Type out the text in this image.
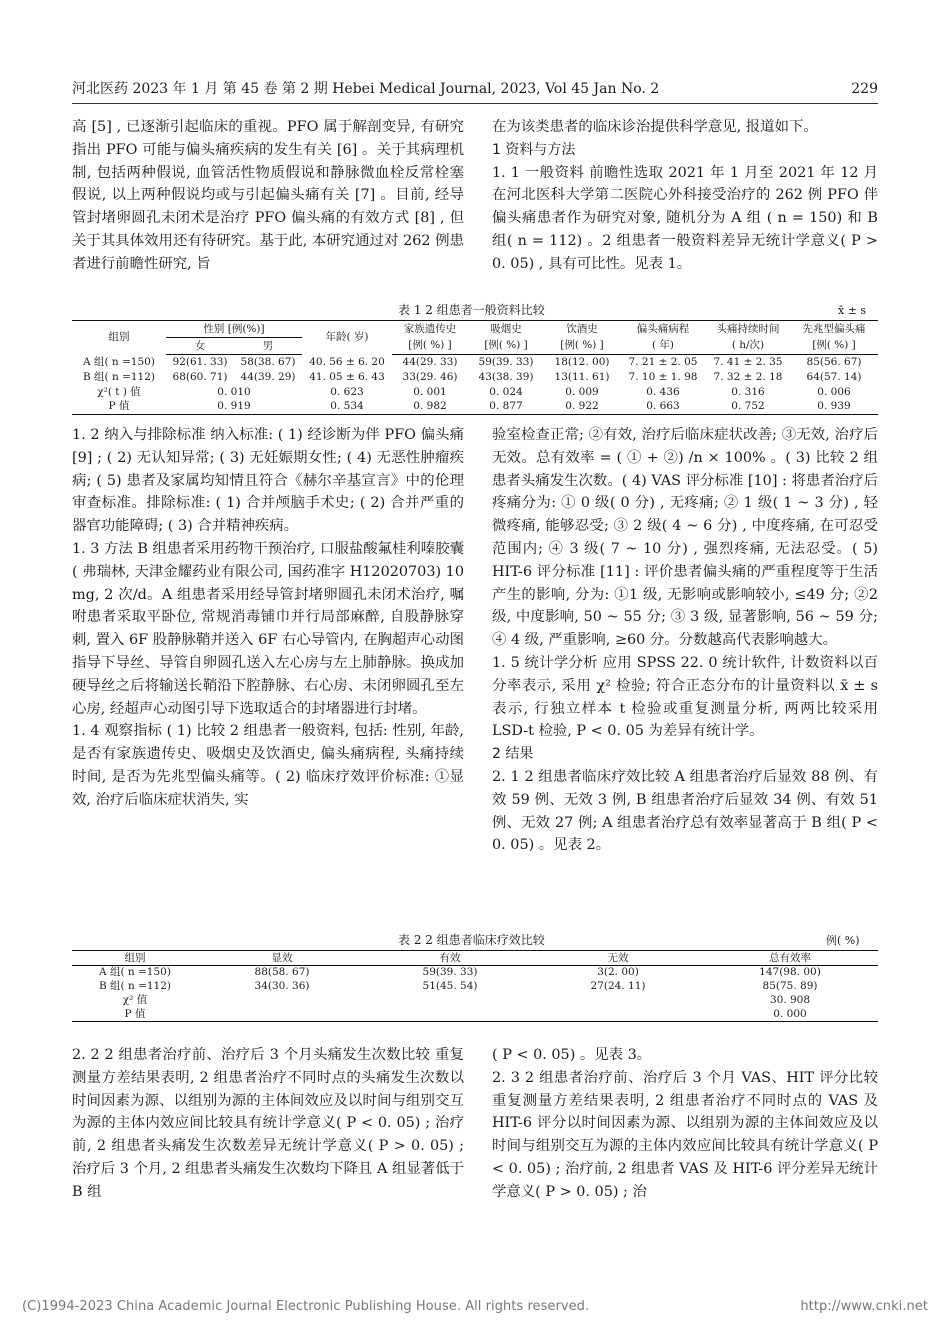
河北医药 2023 年 1 月 第 45 卷 第 2 期 Hebei Medical Journal, 2023, Vol 45 Jan No. 2	229

高 [5] , 已逐渐引起临床的重视。PFO 属于解剖变异, 有研究指出 PFO 可能与偏头痛疾病的发生有关 [6] 。关于其病理机制, 包括两种假说, 血管活性物质假说和静脉微血栓反常栓塞假说, 以上两种假说均或与引起偏头痛有关 [7] 。目前, 经导管封堵卵圆孔未闭术是治疗 PFO 偏头痛的有效方式 [8] , 但关于其具体效用还有待研究。基于此, 本研究通过对 262 例患者进行前瞻性研究, 旨

在为该类患者的临床诊治提供科学意见, 报道如下。

1 资料与方法

1. 1 一般资料 前瞻性选取 2021 年 1 月至 2021 年 12 月在河北医科大学第二医院心外科接受治疗的 262 例 PFO 伴偏头痛患者作为研究对象, 随机分为 A 组 ( n = 150) 和 B 组( n = 112) 。2 组患者一般资料差异无统计学意义( P > 0. 05) , 具有可比性。见表 1。

表 1 2 组患者一般资料比较	x̄ ± s
组别	性别 [例(%)]		年龄( 岁)	家族遗传史	吸烟史	饮酒史	偏头痛病程	头痛持续时间	先兆型偏头痛
	女	男		[例( %) ]	[例( %) ]	[例( %) ]	( 年)	( h/次)	[例( %) ]
A 组( n =150)	92(61. 33)	58(38. 67)	40. 56 ± 6. 20	44(29. 33)	59(39. 33)	18(12. 00)	7. 21 ± 2. 05	7. 41 ± 2. 35	85(56. 67)
B 组( n =112)	68(60. 71)	44(39. 29)	41. 05 ± 6. 43	33(29. 46)	43(38. 39)	13(11. 61)	7. 10 ± 1. 98	7. 32 ± 2. 18	64(57. 14)
χ²( t ) 值	0. 010		0. 623	0. 001	0. 024	0. 009	0. 436	0. 316	0. 006
P 值	0. 919		0. 534	0. 982	0. 877	0. 922	0. 663	0. 752	0. 939

1. 2 纳入与排除标准 纳入标准: ( 1) 经诊断为伴 PFO 偏头痛 [9] ; ( 2) 无认知异常; ( 3) 无妊娠期女性; ( 4) 无恶性肿瘤疾病; ( 5) 患者及家属均知情且符合《赫尔辛基宣言》中的伦理审查标准。排除标准: ( 1) 合并颅脑手术史; ( 2) 合并严重的器官功能障碍; ( 3) 合并精神疾病。

1. 3 方法 B 组患者采用药物干预治疗, 口服盐酸氟桂利嗪胶囊( 弗瑞林, 天津金耀药业有限公司, 国药准字 H12020703) 10 mg, 2 次/d。A 组患者采用经导管封堵卵圆孔未闭术治疗, 嘱咐患者采取平卧位, 常规消毒铺巾并行局部麻醉, 自股静脉穿刺, 置入 6F 股静脉鞘并送入 6F 右心导管内, 在胸超声心动图指导下导丝、导管自卵圆孔送入左心房与左上肺静脉。换成加硬导丝之后将输送长鞘沿下腔静脉、右心房、未闭卵圆孔至左心房, 经超声心动图引导下选取适合的封堵器进行封堵。

1. 4 观察指标 ( 1) 比较 2 组患者一般资料, 包括: 性别, 年龄, 是否有家族遗传史、吸烟史及饮酒史, 偏头痛病程, 头痛持续时间, 是否为先兆型偏头痛等。( 2) 临床疗效评价标准: ①显效, 治疗后临床症状消失, 实

验室检查正常; ②有效, 治疗后临床症状改善; ③无效, 治疗后无效。总有效率 = ( ① + ②) /n × 100% 。( 3) 比较 2 组患者头痛发生次数。( 4) VAS 评分标准 [10] : 将患者治疗后疼痛分为: ① 0 级( 0 分) , 无疼痛; ② 1 级( 1 ~ 3 分) , 轻微疼痛, 能够忍受; ③ 2 级( 4 ~ 6 分) , 中度疼痛, 在可忍受范围内; ④ 3 级( 7 ~ 10 分) , 强烈疼痛, 无法忍受。( 5) HIT-6 评分标准 [11] : 评价患者偏头痛的严重程度等于生活产生的影响, 分为: ①1 级, 无影响或影响较小, ≤49 分; ②2 级, 中度影响, 50 ~ 55 分; ③ 3 级, 显著影响, 56 ~ 59 分; ④ 4 级, 严重影响, ≥60 分。分数越高代表影响越大。

1. 5 统计学分析 应用 SPSS 22. 0 统计软件, 计数资料以百分率表示, 采用 χ² 检验; 符合正态分布的计量资料以 x̄ ± s 表示, 行独立样本 t 检验或重复测量分析, 两两比较采用 LSD-t 检验, P < 0. 05 为差异有统计学。

2 结果

2. 1 2 组患者临床疗效比较 A 组患者治疗后显效 88 例、有效 59 例、无效 3 例, B 组患者治疗后显效 34 例、有效 51 例、无效 27 例; A 组患者治疗总有效率显著高于 B 组( P < 0. 05) 。见表 2。

表 2 2 组患者临床疗效比较	例( %)
组别	显效	有效	无效	总有效率
A 组( n =150)	88(58. 67)	59(39. 33)	3(2. 00)	147(98. 00)
B 组( n =112)	34(30. 36)	51(45. 54)	27(24. 11)	85(75. 89)
χ² 值				30. 908
P 值				0. 000

2. 2 2 组患者治疗前、治疗后 3 个月头痛发生次数比较 重复测量方差结果表明, 2 组患者治疗不同时点的头痛发生次数以时间因素为源、以组别为源的主体间效应及以时间与组别交互为源的主体内效应间比较具有统计学意义( P < 0. 05) ; 治疗前, 2 组患者头痛发生次数差异无统计学意义( P > 0. 05) ; 治疗后 3 个月, 2 组患者头痛发生次数均下降且 A 组显著低于 B 组

( P < 0. 05) 。见表 3。

2. 3 2 组患者治疗前、治疗后 3 个月 VAS、HIT 评分比较 重复测量方差结果表明, 2 组患者治疗不同时点的 VAS 及 HIT-6 评分以时间因素为源、以组别为源的主体间效应及以时间与组别交互为源的主体内效应间比较具有统计学意义( P < 0. 05) ; 治疗前, 2 组患者 VAS 及 HIT-6 评分差异无统计学意义( P > 0. 05) ; 治

(C)1994-2023 China Academic Journal Electronic Publishing House. All rights reserved.	http://www.cnki.net
